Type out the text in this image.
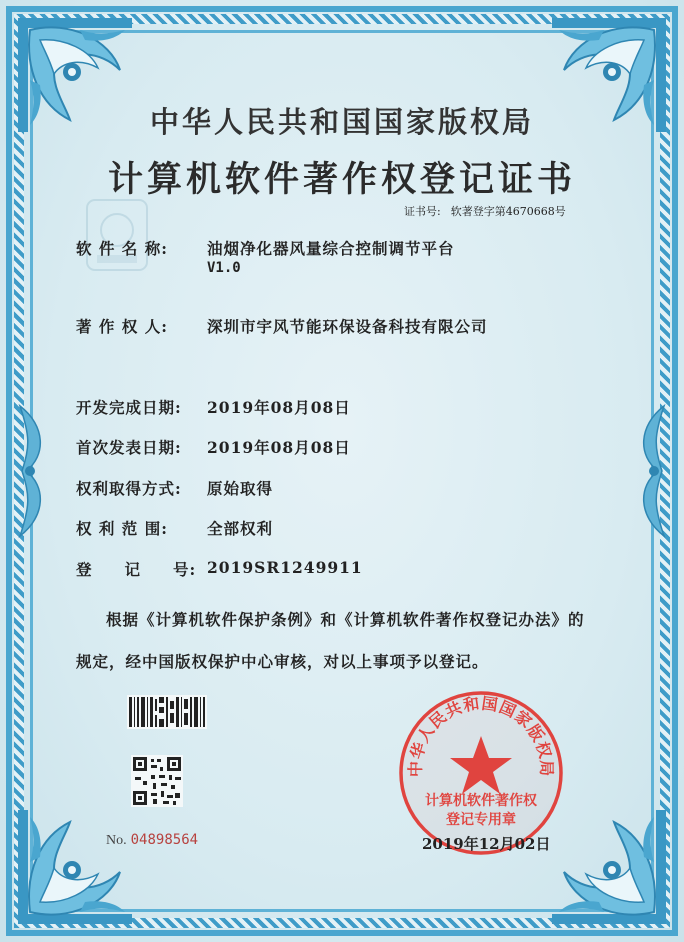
中华人民共和国国家版权局
计算机软件著作权登记证书
证书号: 软著登字第4670668号
软 件 名 称:	油烟净化器风量综合控制调节平台
V1.0
著 作 权 人:	深圳市宇风节能环保设备科技有限公司
开发完成日期: 2019年08月08日
首次发表日期: 2019年08月08日
权利取得方式: 原始取得
权 利 范 围:	全部权利
登     记     号: 2019SR1249911
根据《计算机软件保护条例》和《计算机软件著作权登记办法》的
规定，经中国版权保护中心审核，对以上事项予以登记。
No. 04898564
中华人民共和国国家版权局
计算机软件著作权
登记专用章
2019年12月02日
